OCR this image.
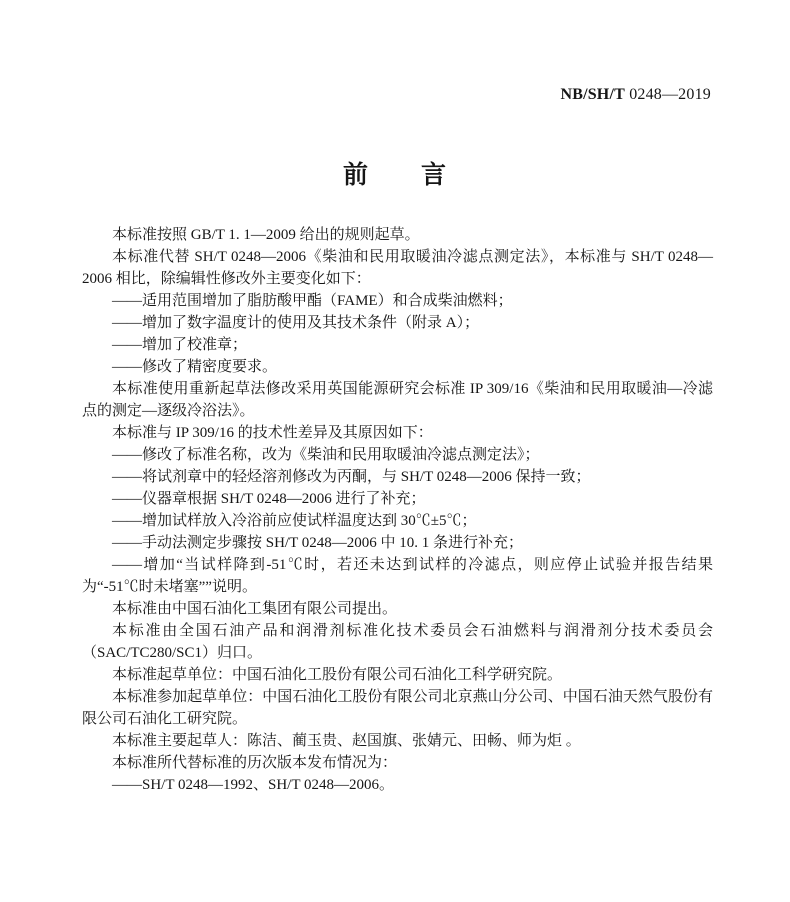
NB/SH/T 0248—2019
前　　言

本标准按照 GB/T 1. 1—2009 给出的规则起草。

本标准代替 SH/T 0248—2006《柴油和民用取暖油冷滤点测定法》，本标准与 SH/T 0248—2006 相比，除编辑性修改外主要变化如下：

——适用范围增加了脂肪酸甲酯（FAME）和合成柴油燃料；

——增加了数字温度计的使用及其技术条件（附录 A）；

——增加了校准章；

——修改了精密度要求。

本标准使用重新起草法修改采用英国能源研究会标准 IP 309/16《柴油和民用取暖油—冷滤点的测定—逐级冷浴法》。

本标准与 IP 309/16 的技术性差异及其原因如下：

——修改了标准名称，改为《柴油和民用取暖油冷滤点测定法》；

——将试剂章中的轻烃溶剂修改为丙酮，与 SH/T 0248—2006 保持一致；

——仪器章根据 SH/T 0248—2006 进行了补充；

——增加试样放入冷浴前应使试样温度达到 30℃±5℃；

——手动法测定步骤按 SH/T 0248—2006 中 10. 1 条进行补充；

——增加“当试样降到-51℃时，若还未达到试样的冷滤点，则应停止试验并报告结果为“-51℃时未堵塞””说明。

本标准由中国石油化工集团有限公司提出。

本标准由全国石油产品和润滑剂标准化技术委员会石油燃料与润滑剂分技术委员会（SAC/TC280/SC1）归口。

本标准起草单位：中国石油化工股份有限公司石油化工科学研究院。

本标准参加起草单位：中国石油化工股份有限公司北京燕山分公司、中国石油天然气股份有限公司石油化工研究院。

本标准主要起草人：陈洁、蔺玉贵、赵国旗、张婧元、田畅、师为炬 。

本标准所代替标准的历次版本发布情况为：

——SH/T 0248—1992、SH/T 0248—2006。
